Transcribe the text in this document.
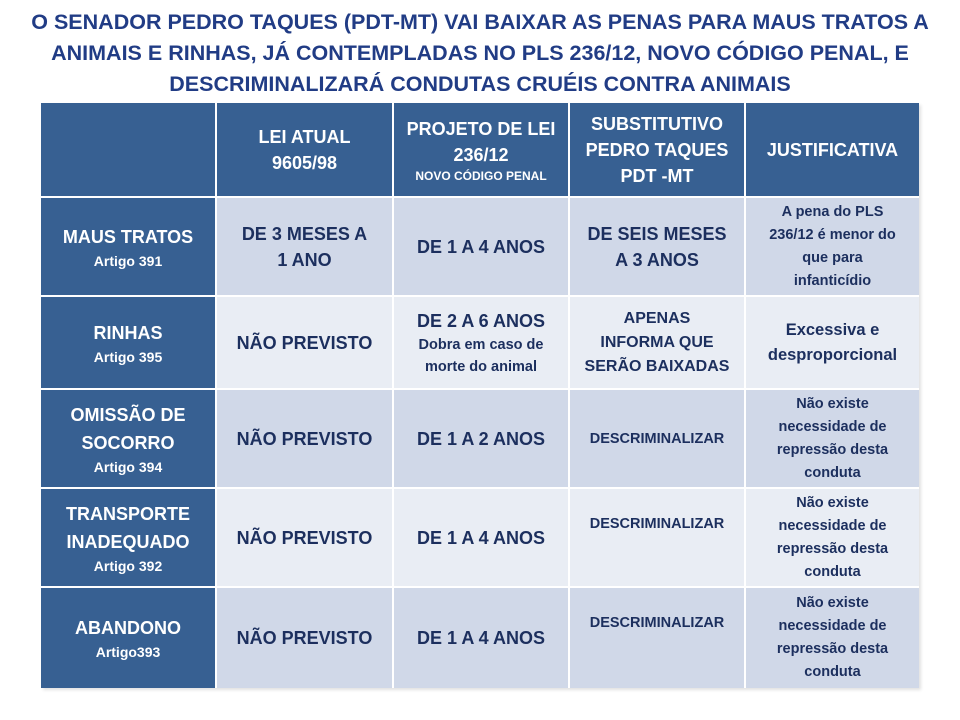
O SENADOR PEDRO TAQUES (PDT-MT) VAI BAIXAR AS PENAS PARA MAUS TRATOS A
ANIMAIS E RINHAS, JÁ CONTEMPLADAS NO PLS 236/12, NOVO CÓDIGO PENAL, E
DESCRIMINALIZARÁ CONDUTAS CRUÉIS CONTRA ANIMAIS
LEI ATUAL
9605/98
PROJETO DE LEI
236/12
NOVO CÓDIGO PENAL
SUBSTITUTIVO
PEDRO TAQUES
PDT -MT
JUSTIFICATIVA
MAUS TRATOS
Artigo 391
DE 3 MESES A
1 ANO
DE 1 A 4 ANOS
DE SEIS MESES
A 3 ANOS
A pena do PLS
236/12 é menor do
que para
infanticídio
RINHAS
Artigo 395
NÃO PREVISTO
DE 2 A 6 ANOS
Dobra em caso de
morte do animal
APENAS
INFORMA QUE
SERÃO BAIXADAS
Excessiva e
desproporcional
OMISSÃO DE
SOCORRO
Artigo 394
NÃO PREVISTO DE 1 A 2 ANOS	DESCRIMINALIZAR
Não existe
necessidade de
repressão desta
conduta
TRANSPORTE
INADEQUADO
Artigo 392
NÃO PREVISTO DE 1 A 4 ANOS
DESCRIMINALIZAR
Não existe
necessidade de
repressão desta
conduta
ABANDONO
Artigo393
NÃO PREVISTO DE 1 A 4 ANOS
DESCRIMINALIZAR
Não existe
necessidade de
repressão desta
conduta
